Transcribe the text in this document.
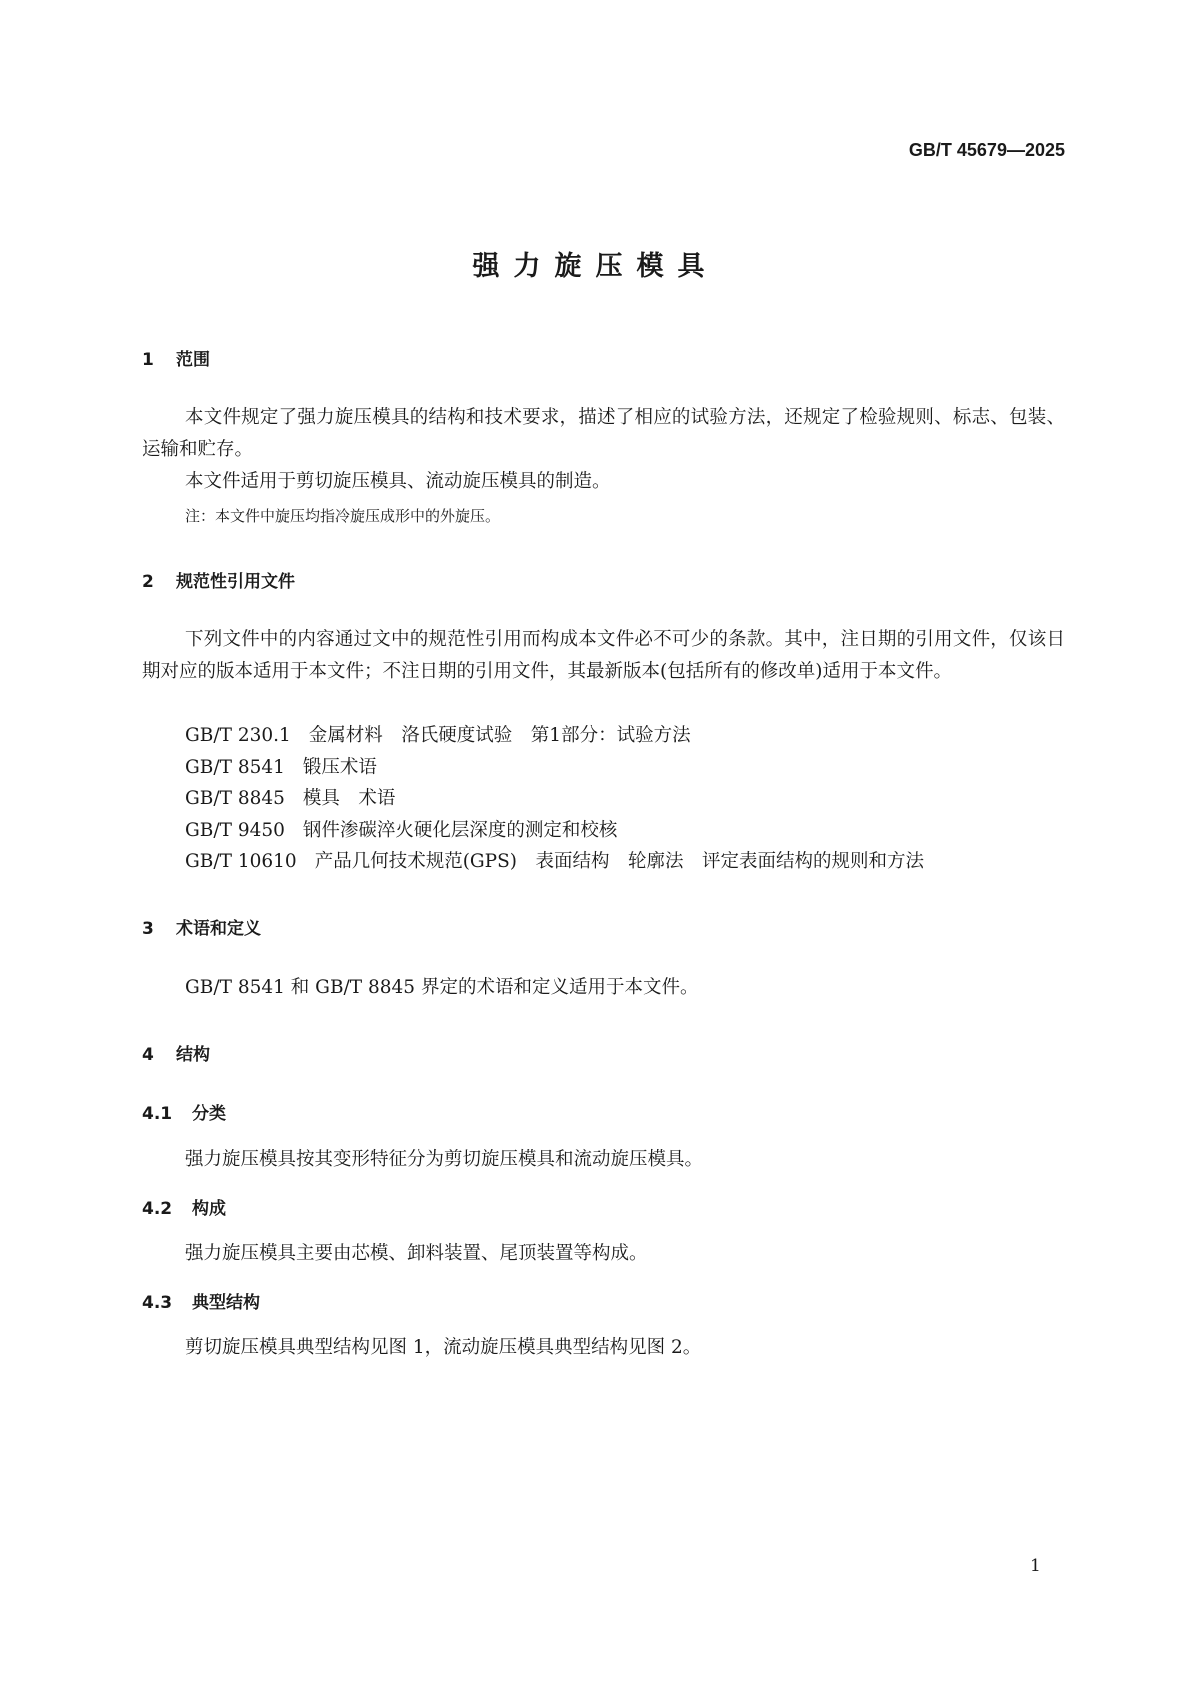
GB/T 45679—2025
强力旋压模具
1 范围
本文件规定了强力旋压模具的结构和技术要求，描述了相应的试验方法，还规定了检验规则、标志、包装、运输和贮存。
本文件适用于剪切旋压模具、流动旋压模具的制造。
注：本文件中旋压均指冷旋压成形中的外旋压。
2 规范性引用文件
下列文件中的内容通过文中的规范性引用而构成本文件必不可少的条款。其中，注日期的引用文件，仅该日期对应的版本适用于本文件；不注日期的引用文件，其最新版本(包括所有的修改单)适用于本文件。
GB/T 230.1 金属材料　洛氏硬度试验　第1部分：试验方法
GB/T 8541 锻压术语
GB/T 8845 模具　术语
GB/T 9450 钢件渗碳淬火硬化层深度的测定和校核
GB/T 10610 产品几何技术规范(GPS)　表面结构　轮廓法　评定表面结构的规则和方法
3 术语和定义
GB/T 8541 和 GB/T 8845 界定的术语和定义适用于本文件。
4 结构
4.1 分类
强力旋压模具按其变形特征分为剪切旋压模具和流动旋压模具。
4.2 构成
强力旋压模具主要由芯模、卸料装置、尾顶装置等构成。
4.3 典型结构
剪切旋压模具典型结构见图 1，流动旋压模具典型结构见图 2。
1
